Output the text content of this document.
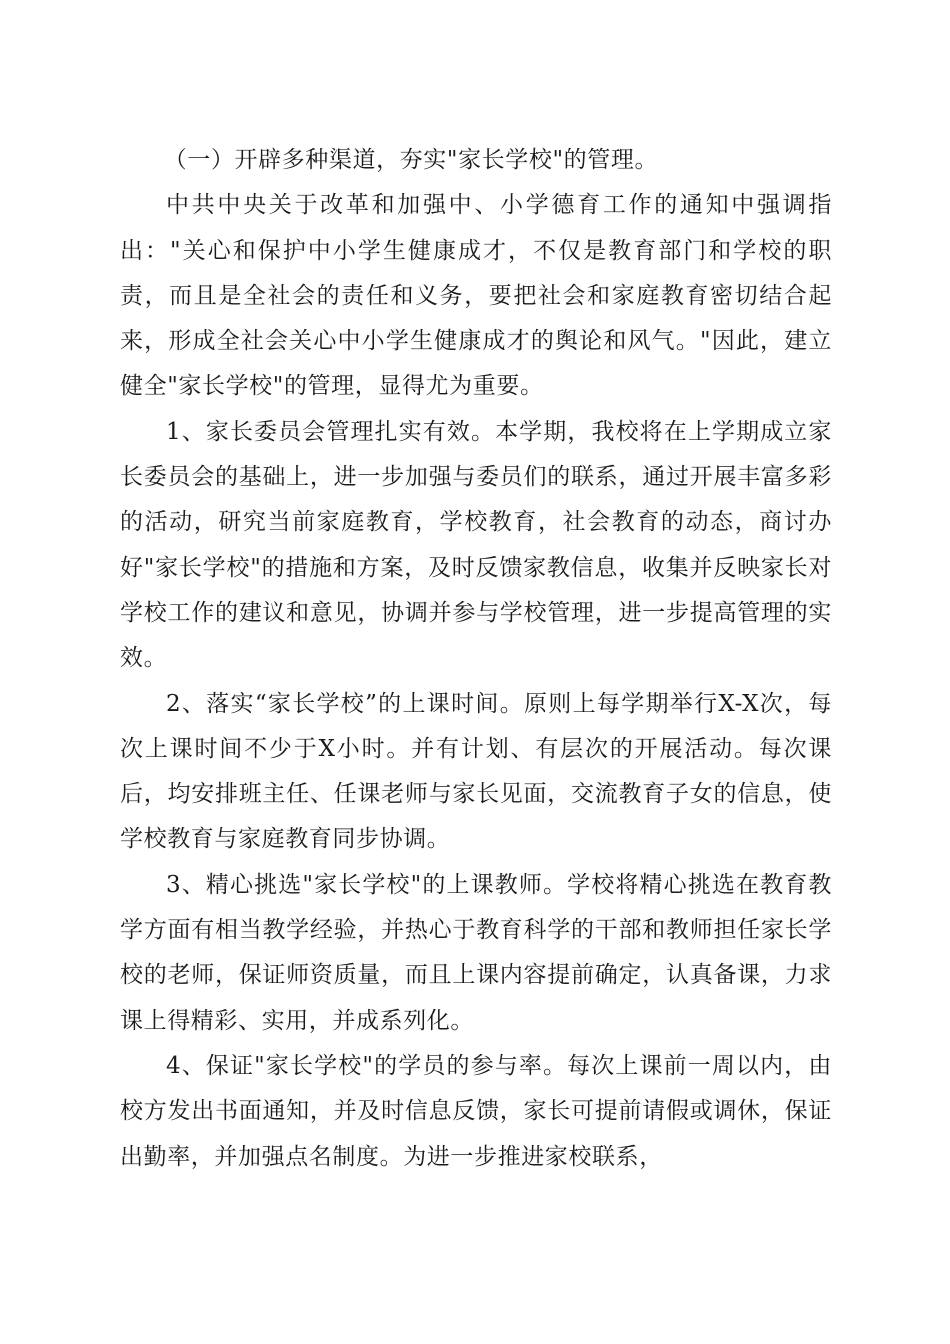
（一）开辟多种渠道，夯实"家长学校"的管理。

中共中央关于改革和加强中、小学德育工作的通知中强调指出："关心和保护中小学生健康成才，不仅是教育部门和学校的职责，而且是全社会的责任和义务，要把社会和家庭教育密切结合起来，形成全社会关心中小学生健康成才的舆论和风气。"因此，建立健全"家长学校"的管理，显得尤为重要。

1、家长委员会管理扎实有效。本学期，我校将在上学期成立家长委员会的基础上，进一步加强与委员们的联系，通过开展丰富多彩的活动，研究当前家庭教育，学校教育，社会教育的动态，商讨办好"家长学校"的措施和方案，及时反馈家教信息，收集并反映家长对学校工作的建议和意见，协调并参与学校管理，进一步提高管理的实效。

2、落实“家长学校”的上课时间。原则上每学期举行X-X次，每次上课时间不少于X小时。并有计划、有层次的开展活动。每次课后，均安排班主任、任课老师与家长见面，交流教育子女的信息，使学校教育与家庭教育同步协调。

3、精心挑选"家长学校"的上课教师。学校将精心挑选在教育教学方面有相当教学经验，并热心于教育科学的干部和教师担任家长学校的老师，保证师资质量，而且上课内容提前确定，认真备课，力求课上得精彩、实用，并成系列化。

4、保证"家长学校"的学员的参与率。每次上课前一周以内，由校方发出书面通知，并及时信息反馈，家长可提前请假或调休，保证出勤率，并加强点名制度。为进一步推进家校联系，
